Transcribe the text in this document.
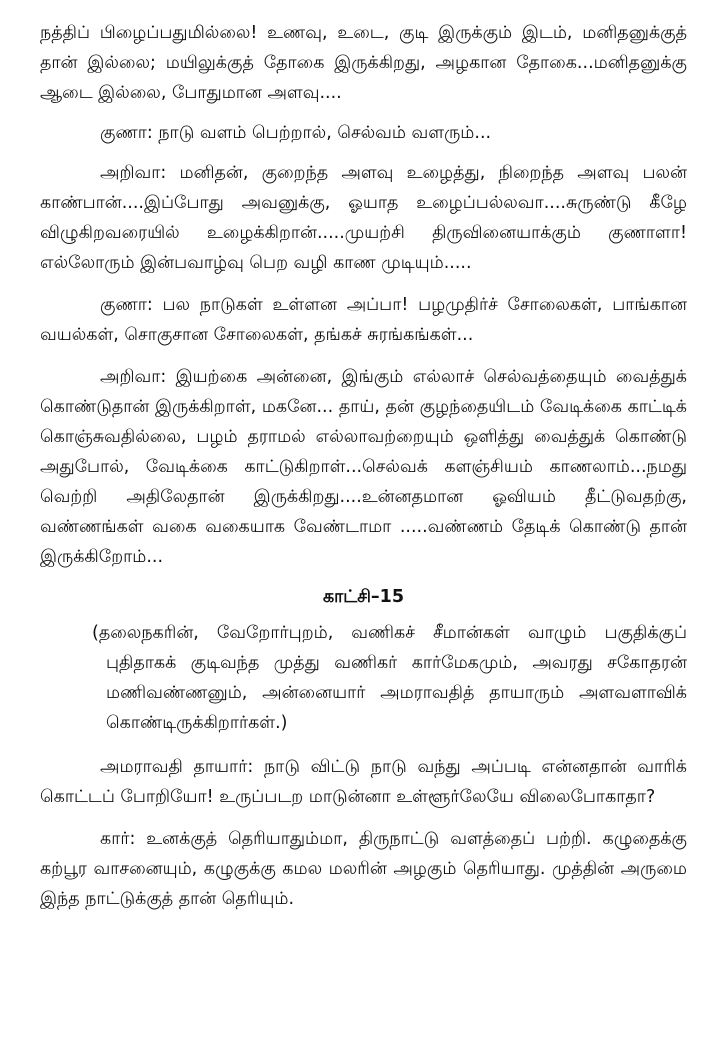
நத்திப் பிழைப்பதுமில்லை! உணவு, உடை, குடி இருக்கும் இடம், மனிதனுக்குத் தான் இல்லை; மயிலுக்குத் தோகை இருக்கிறது, அழகான தோகை...மனிதனுக்கு ஆடை இல்லை, போதுமான அளவு....

குணா: நாடு வளம் பெற்றால், செல்வம் வளரும்...

அறிவா: மனிதன், குறைந்த அளவு உழைத்து, நிறைந்த அளவு பலன் காண்பான்....இப்போது அவனுக்கு, ஓயாத உழைப்பல்லவா....சுருண்டு கீழே விழுகிறவரையில் உழைக்கிறான்.....முயற்சி திருவினையாக்கும் குணாளா! எல்லோரும் இன்பவாழ்வு பெற வழி காண முடியும்.....

குணா: பல நாடுகள் உள்ளன அப்பா! பழமுதிர்ச் சோலைகள், பாங்கான வயல்கள், சொகுசான சோலைகள், தங்கச் சுரங்கங்கள்...

அறிவா: இயற்கை அன்னை, இங்கும் எல்லாச் செல்வத்தையும் வைத்துக் கொண்டுதான் இருக்கிறாள், மகனே... தாய், தன் குழந்தையிடம் வேடிக்கை காட்டிக் கொஞ்சுவதில்லை, பழம் தராமல் எல்லாவற்றையும் ஒளித்து வைத்துக் கொண்டு அதுபோல், வேடிக்கை காட்டுகிறாள்...செல்வக் களஞ்சியம் காணலாம்...நமது வெற்றி அதிலேதான் இருக்கிறது....உன்னதமான ஓவியம் தீட்டுவதற்கு, வண்ணங்கள் வகை வகையாக வேண்டாமா .....வண்ணம் தேடிக் கொண்டு தான் இருக்கிறோம்...

காட்சி–15

(தலைநகரின், வேறோர்புறம், வணிகச் சீமான்கள் வாழும் பகுதிக்குப் புதிதாகக் குடிவந்த முத்து வணிகர் கார்மேகமும், அவரது சகோதரன் மணிவண்ணனும், அன்னையார் அமராவதித் தாயாரும் அளவளாவிக் கொண்டிருக்கிறார்கள்.)

அமராவதி தாயார்: நாடு விட்டு நாடு வந்து அப்படி என்னதான் வாரிக் கொட்டப் போறியோ! உருப்படற மாடுன்னா உள்ளூர்லேயே விலைபோகாதா?

கார்: உனக்குத் தெரியாதும்மா, திருநாட்டு வளத்தைப் பற்றி. கழுதைக்கு கற்பூர வாசனையும், கழுகுக்கு கமல மலரின் அழகும் தெரியாது. முத்தின் அருமை இந்த நாட்டுக்குத் தான் தெரியும்.
